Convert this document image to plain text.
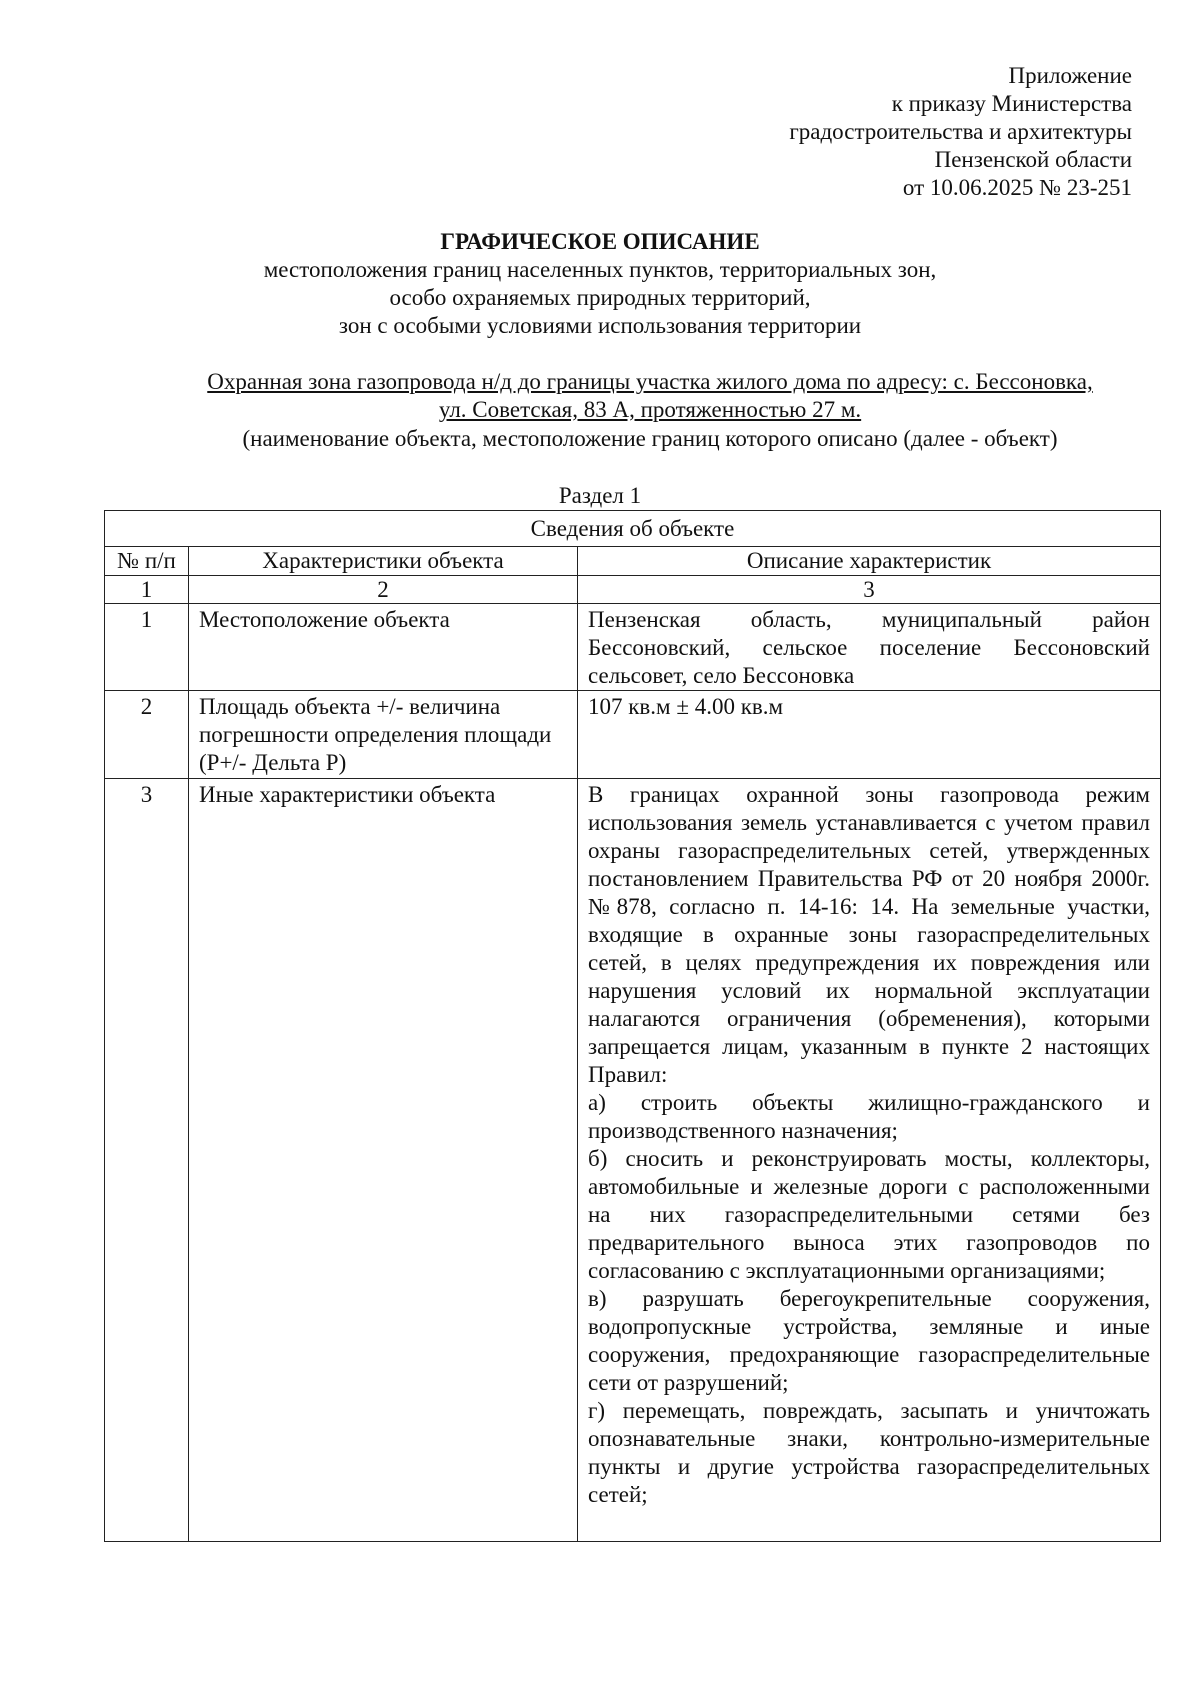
Приложение
к приказу Министерства
градостроительства и архитектуры
Пензенской области
от 10.06.2025 № 23-251
ГРАФИЧЕСКОЕ ОПИСАНИЕ
местоположения границ населенных пунктов, территориальных зон,
особо охраняемых природных территорий,
зон с особыми условиями использования территории
Охранная зона газопровода н/д до границы участка жилого дома по адресу: с. Бессоновка,
ул. Советская, 83 А, протяженностью 27 м.
(наименование объекта, местоположение границ которого описано (далее - объект)
Раздел 1
Сведения об объекте		
№ п/п	Характеристики объекта	Описание характеристик
1	2	3
1	Местоположение объекта	Пензенская область, муниципальный район Бессоновский, сельское поселение Бессоновский сельсовет, село Бессоновка

2	Площадь объекта +/- величина погрешности определения площади (Р+/- Дельта Р)	107 кв.м ± 4.00 кв.м

3	Иные характеристики объекта	В границах охранной зоны газопровода режим использования земель устанавливается с учетом правил охраны газораспределительных сетей, утвержденных постановлением Правительства РФ от 20 ноября 2000г. №878, согласно п. 14-16: 14. На земельные участки, входящие в охранные зоны газораспределительных сетей, в целях предупреждения их повреждения или нарушения условий их нормальной эксплуатации налагаются ограничения (обременения), которыми запрещается лицам, указанным в пункте 2 настоящих Правил:

а) строить объекты жилищно-гражданского и производственного назначения;

б) сносить и реконструировать мосты, коллекторы, автомобильные и железные дороги с расположенными на них газораспределительными сетями без предварительного выноса этих газопроводов по согласованию с эксплуатационными организациями;

в) разрушать берегоукрепительные сооружения, водопропускные устройства, земляные и иные сооружения, предохраняющие газораспределительные сети от разрушений;

г) перемещать, повреждать, засыпать и уничтожать опознавательные знаки, контрольно-измерительные пункты и другие устройства газораспределительных сетей;
